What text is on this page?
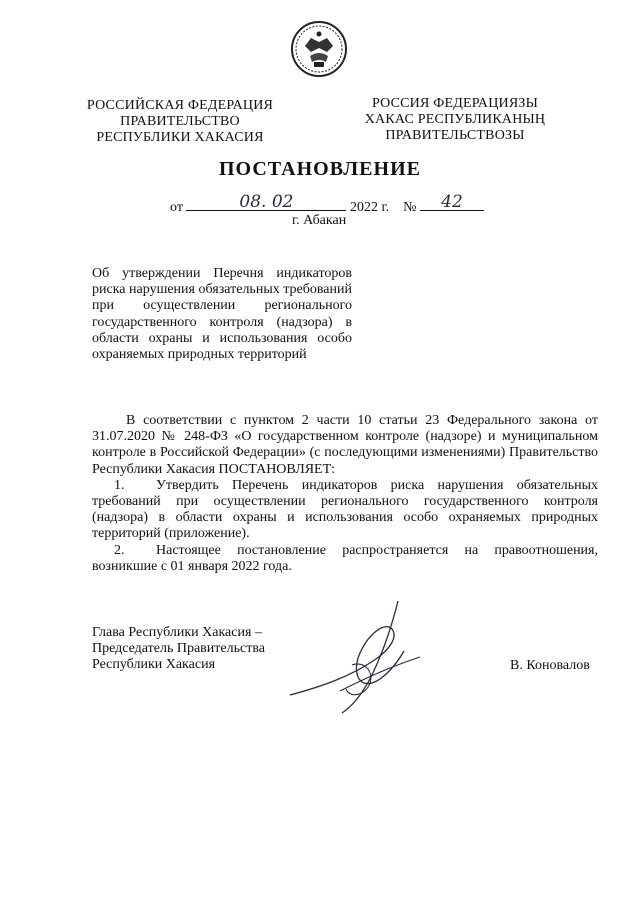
РОССИЙСКАЯ ФЕДЕРАЦИЯ
ПРАВИТЕЛЬСТВО
РЕСПУБЛИКИ ХАКАСИЯ
РОССИЯ ФЕДЕРАЦИЯЗЫ
ХАКАС РЕСПУБЛИКАНЫҢ
ПРАВИТЕЛЬСТВОЗЫ
ПОСТАНОВЛЕНИЕ
от	08. 02	2022 г. № 42
г. Абакан
Об утверждении Перечня индикаторов риска нарушения обязательных требований при осуществлении регионального государственного контроля (надзора) в области охраны и использования особо охраняемых природных территорий

В соответствии с пунктом 2 части 10 статьи 23 Федерального закона от 31.07.2020 № 248-ФЗ «О государственном контроле (надзоре) и муниципальном контроле в Российской Федерации» (с последующими изменениями) Правительство Республики Хакасия ПОСТАНОВЛЯЕТ:

1. Утвердить Перечень индикаторов риска нарушения обязательных требований при осуществлении регионального государственного контроля (надзора) в области охраны и использования особо охраняемых природных территорий (приложение).

2. Настоящее постановление распространяется на правоотношения, возникшие с 01 января 2022 года.

Глава Республики Хакасия –
Председатель Правительства
Республики Хакасия	В. Коновалов
